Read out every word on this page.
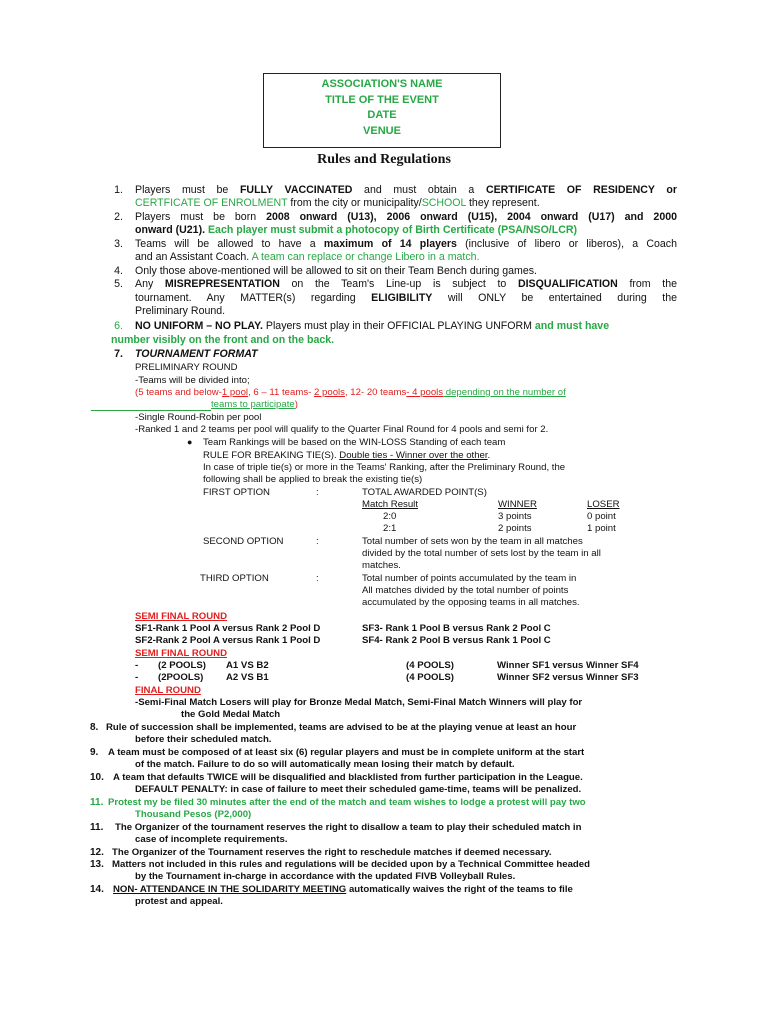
ASSOCIATION'S NAME
TITLE OF THE EVENT
DATE
VENUE
Rules and Regulations
1. Players must be FULLY VACCINATED and must obtain a CERTIFICATE OF RESIDENCY or
CERTFICATE OF ENROLMENT from the city or municipality/SCHOOL they represent.
2. Players must be born 2008 onward (U13), 2006 onward (U15), 2004 onward (U17) and 2000
onward (U21). Each player must submit a photocopy of Birth Certificate (PSA/NSO/LCR)
3. Teams will be allowed to have a maximum of 14 players (inclusive of libero or liberos), a Coach
and an Assistant Coach. A team can replace or change Libero in a match.
4. Only those above-mentioned will be allowed to sit on their Team Bench during games.
5. Any MISREPRESENTATION on the Team's Line-up is subject to DISQUALIFICATION from the
tournament. Any MATTER(s) regarding ELIGIBILITY will ONLY be entertained during the
Preliminary Round.
6. NO UNIFORM – NO PLAY. Players must play in their OFFICIAL PLAYING UNFORM and must have
number visibly on the front and on the back.
7. TOURNAMENT FORMAT
PRELIMINARY ROUND
-Teams will be divided into;
(5 teams and below-1 pool, 6 – 11 teams- 2 pools, 12- 20 teams- 4 pools depending on the number of
teams to participate)
-Single Round-Robin per pool
-Ranked 1 and 2 teams per pool will qualify to the Quarter Final Round for 4 pools and semi for 2.
● Team Rankings will be based on the WIN-LOSS Standing of each team
RULE FOR BREAKING TIE(S). Double ties - Winner over the other.
In case of triple tie(s) or more in the Teams' Ranking, after the Preliminary Round, the
following shall be applied to break the existing tie(s)
FIRST OPTION	:	TOTAL AWARDED POINT(S)
Match Result	WINNER	LOSER
2:0	3 points	0 point
2:1	2 points	1 point
SECOND OPTION	:	Total number of sets won by the team in all matches
divided by the total number of sets lost by the team in all
matches.
THIRD OPTION	:	Total number of points accumulated by the team in
All matches divided by the total number of points
accumulated by the opposing teams in all matches.
SEMI FINAL ROUND
SF1-Rank 1 Pool A versus Rank 2 Pool D	SF3- Rank 1 Pool B versus Rank 2 Pool C
SF2-Rank 2 Pool A versus Rank 1 Pool D	SF4- Rank 2 Pool B versus Rank 1 Pool C
SEMI FINAL ROUND
- (2 POOLS) A1 VS B2	(4 POOLS)	Winner SF1 versus Winner SF4
- (2POOLS) A2 VS B1	(4 POOLS)	Winner SF2 versus Winner SF3
FINAL ROUND
-Semi-Final Match Losers will play for Bronze Medal Match, Semi-Final Match Winners will play for
the Gold Medal Match
8. Rule of succession shall be implemented, teams are advised to be at the playing venue at least an hour
before their scheduled match.
9. A team must be composed of at least six (6) regular players and must be in complete uniform at the start
of the match. Failure to do so will automatically mean losing their match by default.
10. A team that defaults TWICE will be disqualified and blacklisted from further participation in the League.
DEFAULT PENALTY: in case of failure to meet their scheduled game-time, teams will be penalized.
11. Protest my be filed 30 minutes after the end of the match and team wishes to lodge a protest will pay two
Thousand Pesos (P2,000)
11. The Organizer of the tournament reserves the right to disallow a team to play their scheduled match in
case of incomplete requirements.
12. The Organizer of the Tournament reserves the right to reschedule matches if deemed necessary.
13. Matters not included in this rules and regulations will be decided upon by a Technical Committee headed
by the Tournament in-charge in accordance with the updated FIVB Volleyball Rules.
14. NON- ATTENDANCE IN THE SOLIDARITY MEETING automatically waives the right of the teams to file
protest and appeal.
